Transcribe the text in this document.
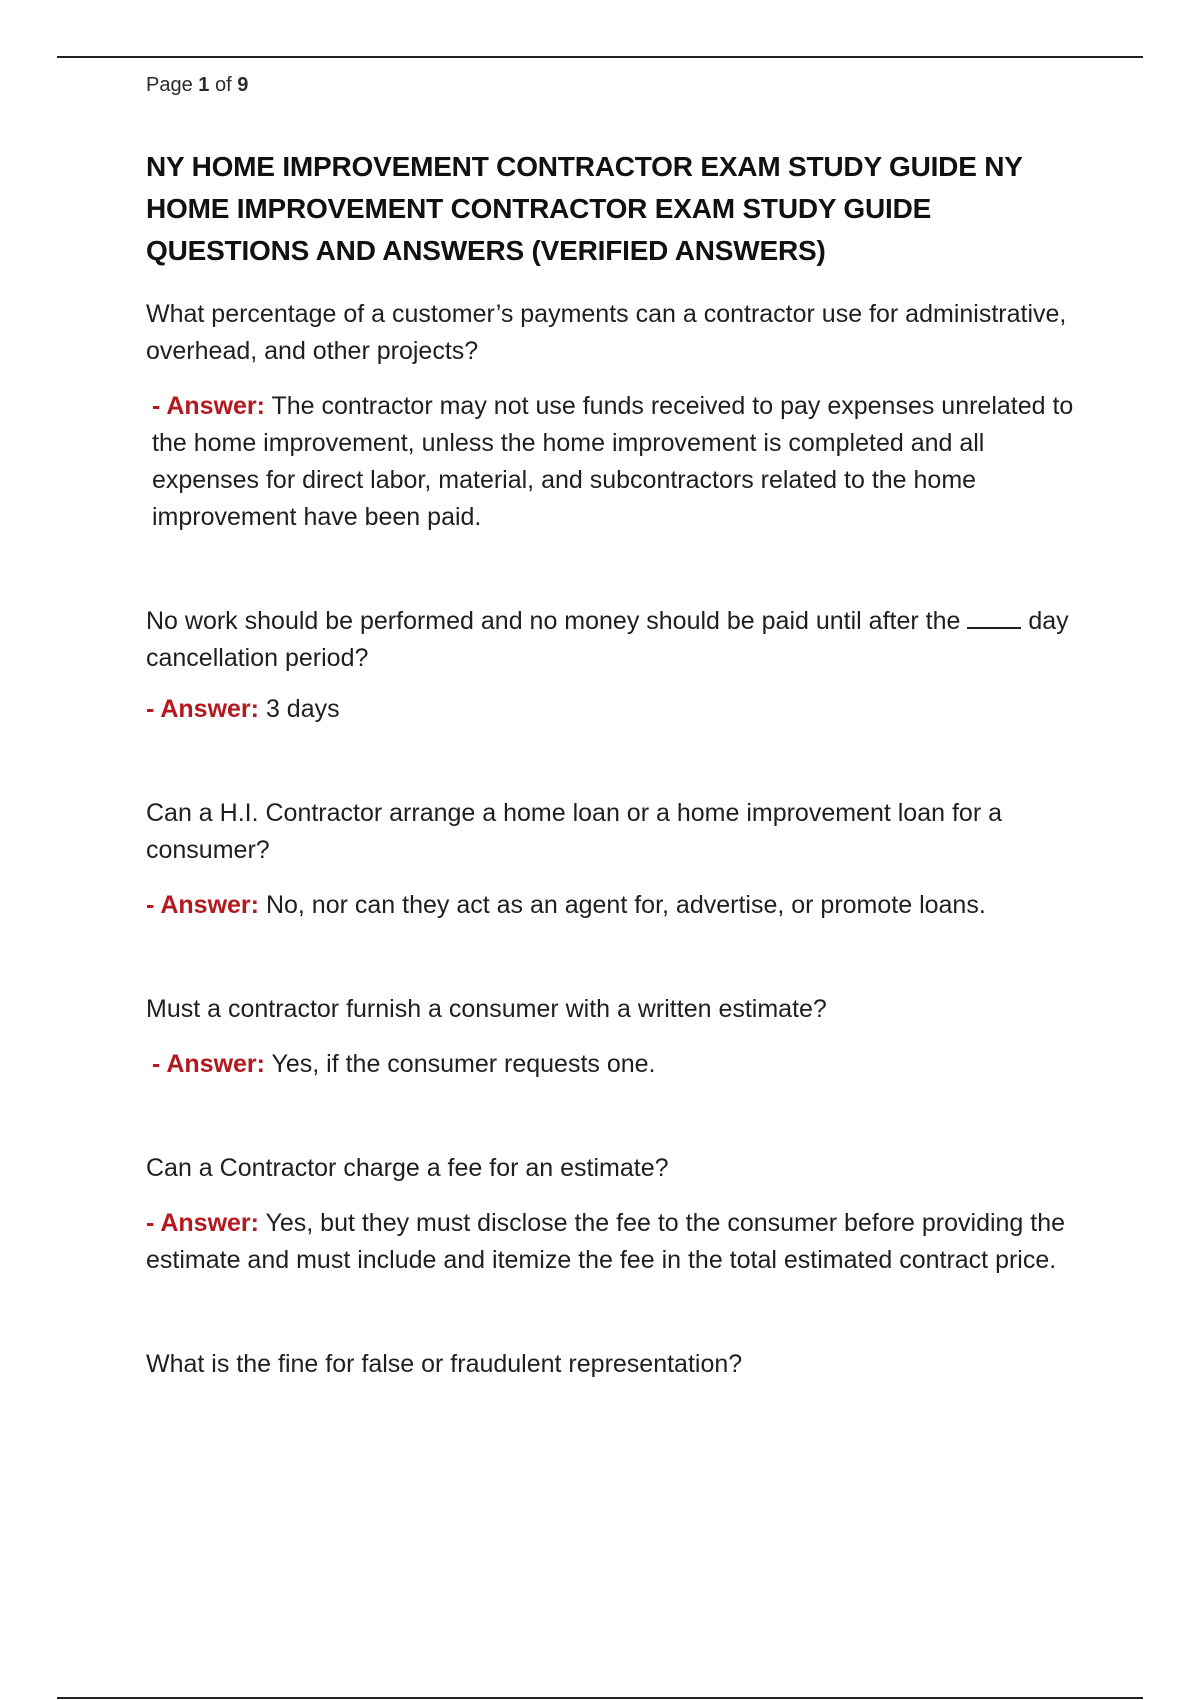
Page 1 of 9
NY HOME IMPROVEMENT CONTRACTOR EXAM STUDY GUIDE NY HOME IMPROVEMENT CONTRACTOR EXAM STUDY GUIDE QUESTIONS AND ANSWERS (VERIFIED ANSWERS)

What percentage of a customer’s payments can a contractor use for administrative, overhead, and other projects?

- Answer: The contractor may not use funds received to pay expenses unrelated to the home improvement, unless the home improvement is completed and all expenses for direct labor, material, and subcontractors related to the home improvement have been paid.

No work should be performed and no money should be paid until after the	day cancellation period?

- Answer: 3 days

Can a H.I. Contractor arrange a home loan or a home improvement loan for a consumer?

- Answer: No, nor can they act as an agent for, advertise, or promote loans.

Must a contractor furnish a consumer with a written estimate?

- Answer: Yes, if the consumer requests one.

Can a Contractor charge a fee for an estimate?

- Answer: Yes, but they must disclose the fee to the consumer before providing the estimate and must include and itemize the fee in the total estimated contract price.

What is the fine for false or fraudulent representation?
